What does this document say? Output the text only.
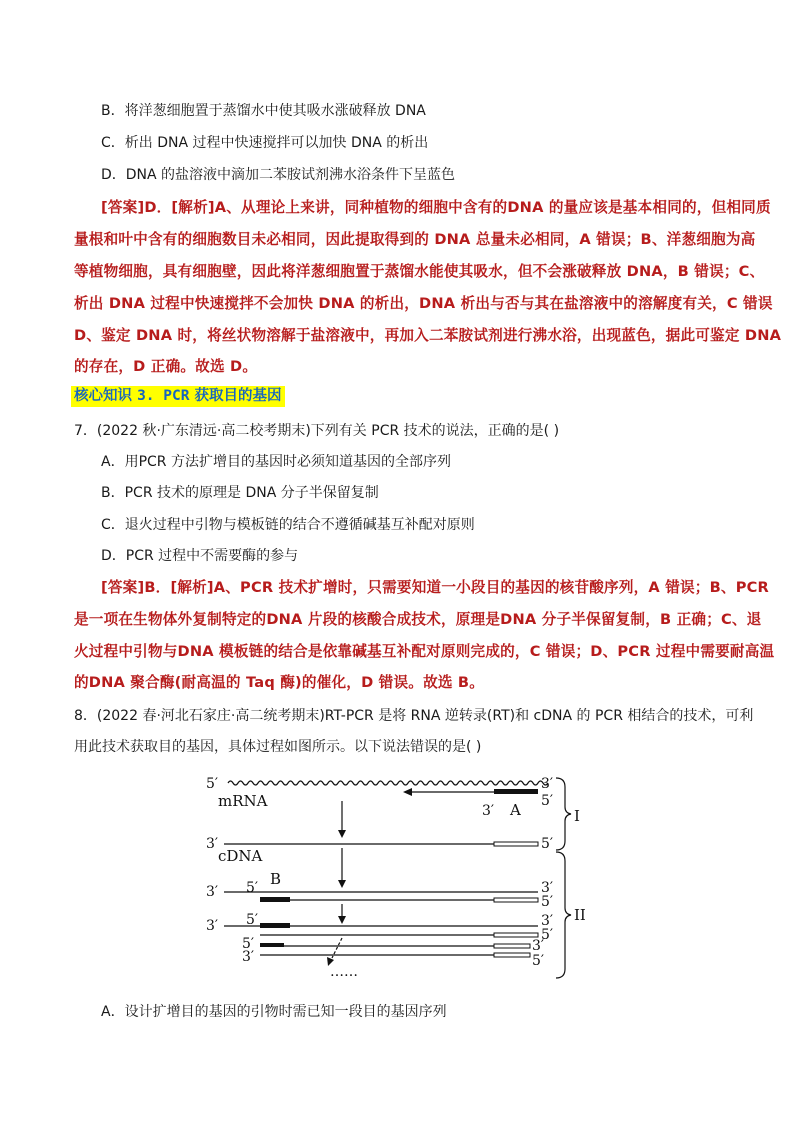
B．将洋葱细胞置于蒸馏水中使其吸水涨破释放 DNA
C．析出 DNA 过程中快速搅拌可以加快 DNA 的析出
D．DNA 的盐溶液中滴加二苯胺试剂沸水浴条件下呈蓝色
[答案]D．[解析]A、从理论上来讲，同种植物的细胞中含有的DNA 的量应该是基本相同的，但相同质
量根和叶中含有的细胞数目未必相同，因此提取得到的 DNA 总量未必相同，A 错误；B、洋葱细胞为高
等植物细胞，具有细胞壁，因此将洋葱细胞置于蒸馏水能使其吸水，但不会涨破释放 DNA，B 错误；C、
析出 DNA 过程中快速搅拌不会加快 DNA 的析出，DNA 析出与否与其在盐溶液中的溶解度有关，C 错误
D、鉴定 DNA 时，将丝状物溶解于盐溶液中，再加入二苯胺试剂进行沸水浴，出现蓝色，据此可鉴定 DNA
的存在，D 正确。故选 D。
核心知识 3. PCR 获取目的基因
7．(2022 秋·广东清远·高二校考期末)下列有关 PCR 技术的说法，正确的是( )
A．用PCR 方法扩增目的基因时必须知道基因的全部序列
B．PCR 技术的原理是 DNA 分子半保留复制
C．退火过程中引物与模板链的结合不遵循碱基互补配对原则
D．PCR 过程中不需要酶的参与
[答案]B．[解析]A、PCR 技术扩增时，只需要知道一小段目的基因的核苷酸序列，A 错误；B、PCR
是一项在生物体外复制特定的DNA 片段的核酸合成技术，原理是DNA 分子半保留复制，B 正确；C、退
火过程中引物与DNA 模板链的结合是依靠碱基互补配对原则完成的，C 错误；D、PCR 过程中需要耐高温
的DNA 聚合酶(耐高温的 Taq 酶)的催化，D 错误。故选 B。
8．(2022 春·河北石家庄·高二统考期末)RT-PCR 是将 RNA 逆转录(RT)和 cDNA 的 PCR 相结合的技术，可利
用此技术获取目的基因，具体过程如图所示。以下说法错误的是( )
5′
mRNA
3′
5′
3′ A	I
3′	5′
cDNA
B
5′
3′	3′
5′
II
5′
3′	3′
5′
5′
3′
3′
5′
……
A．设计扩增目的基因的引物时需已知一段目的基因序列
